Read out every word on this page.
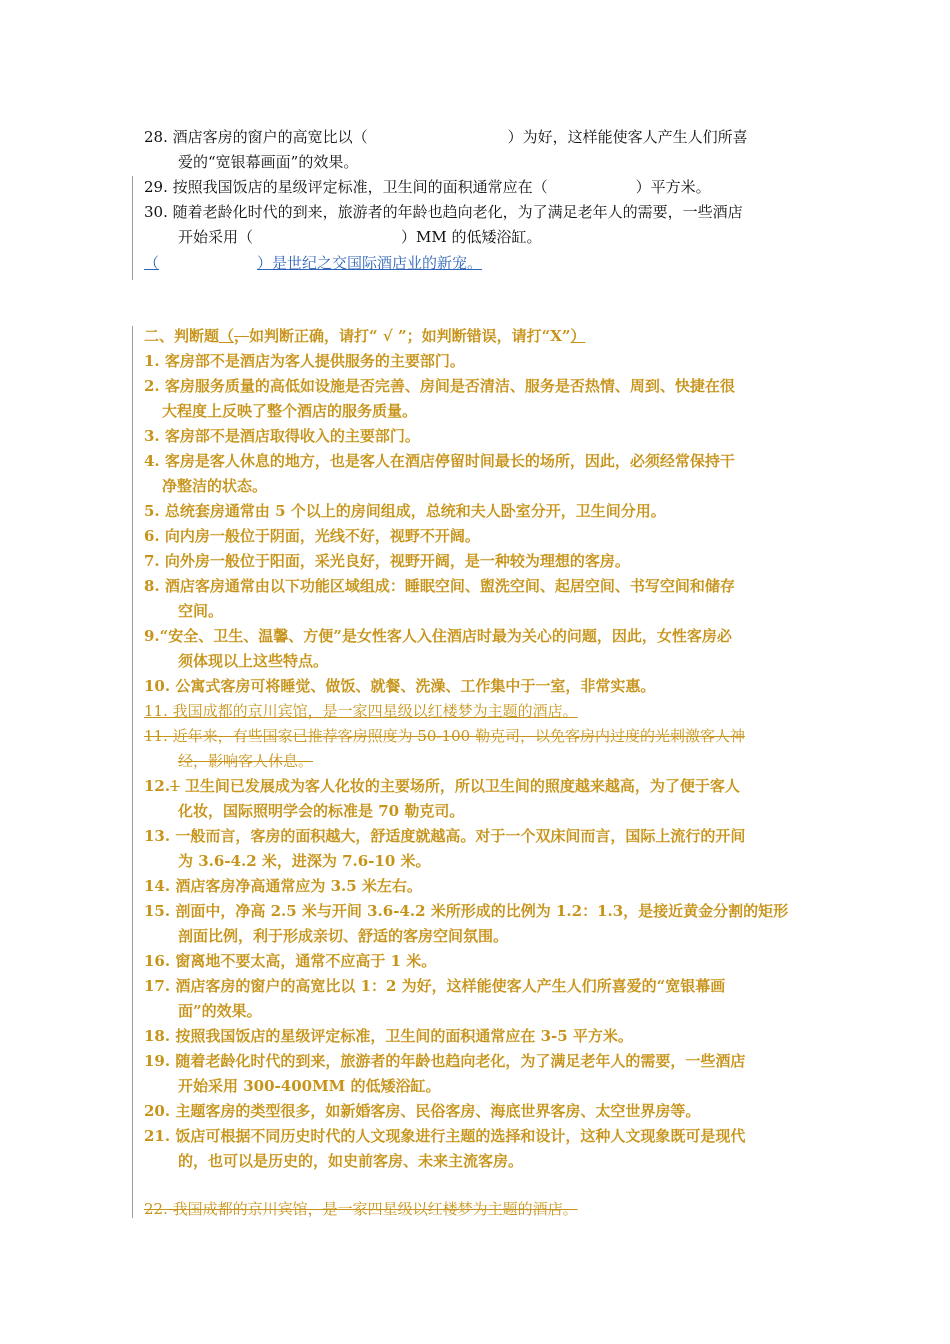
28. 酒店客房的窗户的高宽比以（	）为好，这样能使客人产生人们所喜
爱的“宽银幕画面”的效果。
29. 按照我国饭店的星级评定标准，卫生间的面积通常应在（	）平方米。
30. 随着老龄化时代的到来，旅游者的年龄也趋向老化，为了满足老年人的需要，一些酒店
开始采用（	）MM 的低矮浴缸。
（	）是世纪之交国际酒店业的新宠。
二、判断题（，如判断正确，请打“ √ ”；如判断错误，请打“X”）
1. 客房部不是酒店为客人提供服务的主要部门。
2. 客房服务质量的高低如设施是否完善、房间是否清洁、服务是否热情、周到、快捷在很
大程度上反映了整个酒店的服务质量。
3. 客房部不是酒店取得收入的主要部门。
4. 客房是客人休息的地方，也是客人在酒店停留时间最长的场所，因此，必须经常保持干
净整洁的状态。
5. 总统套房通常由 5 个以上的房间组成，总统和夫人卧室分开，卫生间分用。
6. 向内房一般位于阴面，光线不好，视野不开阔。
7. 向外房一般位于阳面，采光良好，视野开阔，是一种较为理想的客房。
8. 酒店客房通常由以下功能区域组成：睡眠空间、盥洗空间、起居空间、书写空间和储存
空间。
9.“安全、卫生、温馨、方便”是女性客人入住酒店时最为关心的问题，因此，女性客房必
须体现以上这些特点。
10. 公寓式客房可将睡觉、做饭、就餐、洗澡、工作集中于一室，非常实惠。
11. 我国成都的京川宾馆，是一家四星级以红楼梦为主题的酒店。
11. 近年来，有些国家已推荐客房照度为 50-100 勒克司，以免客房内过度的光刺激客人神
经，影响客人休息。
12.1 卫生间已发展成为客人化妆的主要场所，所以卫生间的照度越来越高，为了便于客人
化妆，国际照明学会的标准是 70 勒克司。
13. 一般而言，客房的面积越大，舒适度就越高。对于一个双床间而言，国际上流行的开间
为 3.6-4.2 米，进深为 7.6-10 米。
14. 酒店客房净高通常应为 3.5 米左右。
15. 剖面中，净高 2.5 米与开间 3.6-4.2 米所形成的比例为 1.2：1.3，是接近黄金分割的矩形
剖面比例，利于形成亲切、舒适的客房空间氛围。
16. 窗离地不要太高，通常不应高于 1 米。
17. 酒店客房的窗户的高宽比以 1：2 为好，这样能使客人产生人们所喜爱的“宽银幕画
面”的效果。
18. 按照我国饭店的星级评定标准，卫生间的面积通常应在 3-5 平方米。
19. 随着老龄化时代的到来，旅游者的年龄也趋向老化，为了满足老年人的需要，一些酒店
开始采用 300-400MM 的低矮浴缸。
20. 主题客房的类型很多，如新婚客房、民俗客房、海底世界客房、太空世界房等。
21. 饭店可根据不同历史时代的人文现象进行主题的选择和设计，这种人文现象既可是现代
的，也可以是历史的，如史前客房、未来主流客房。
22. 我国成都的京川宾馆，是一家四星级以红楼梦为主题的酒店。
